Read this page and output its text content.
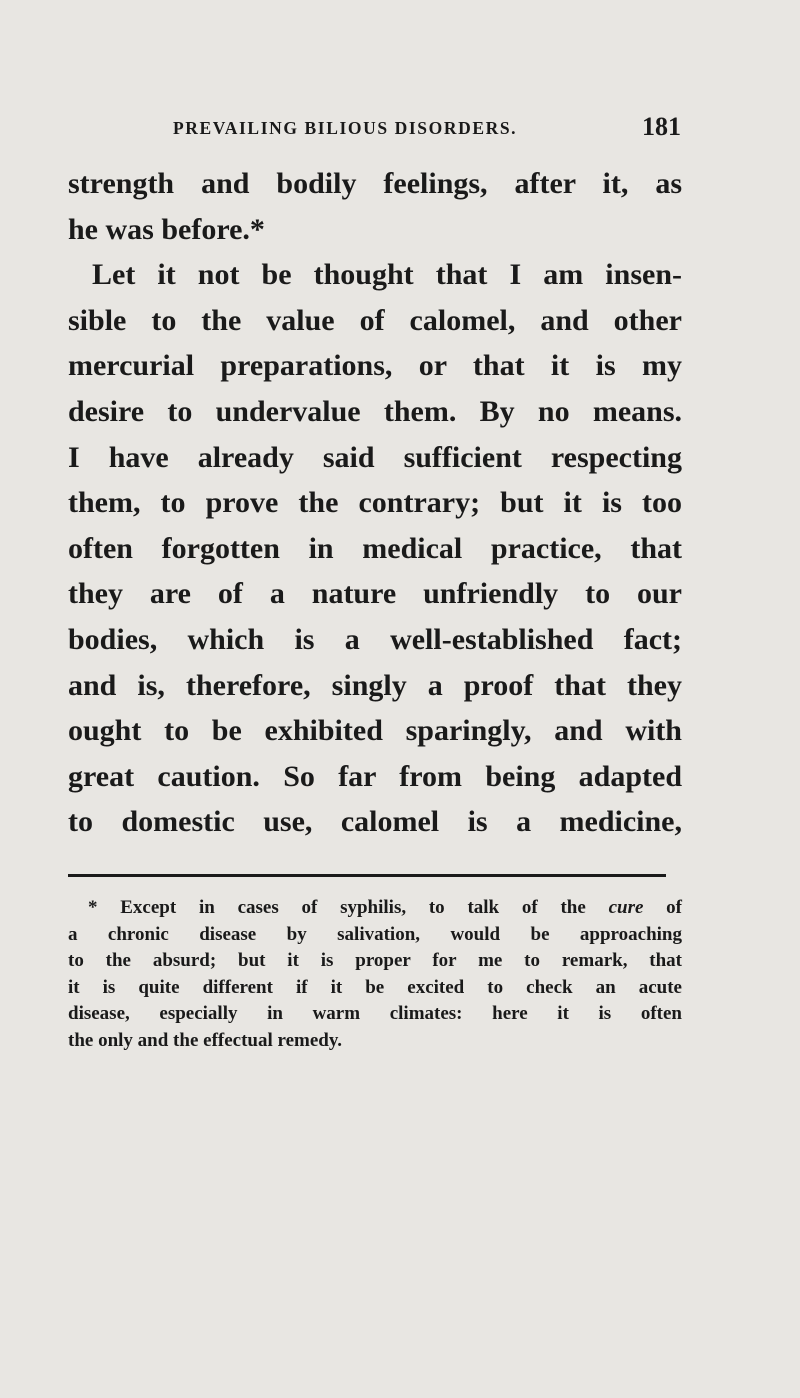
PREVAILING BILIOUS DISORDERS.	181
strength and bodily feelings, after it, as
he was before.*
Let it not be thought that I am insen-
sible to the value of calomel, and other
mercurial preparations, or that it is my
desire to undervalue them. By no means.
I have already said sufficient respecting
them, to prove the contrary; but it is too
often forgotten in medical practice, that
they are of a nature unfriendly to our
bodies, which is a well-established fact;
and is, therefore, singly a proof that they
ought to be exhibited sparingly, and with
great caution. So far from being adapted
to domestic use, calomel is a medicine,
* Except in cases of syphilis, to talk of the cure of
a chronic disease by salivation, would be approaching
to the absurd; but it is proper for me to remark, that
it is quite different if it be excited to check an acute
disease, especially in warm climates: here it is often
the only and the effectual remedy.
